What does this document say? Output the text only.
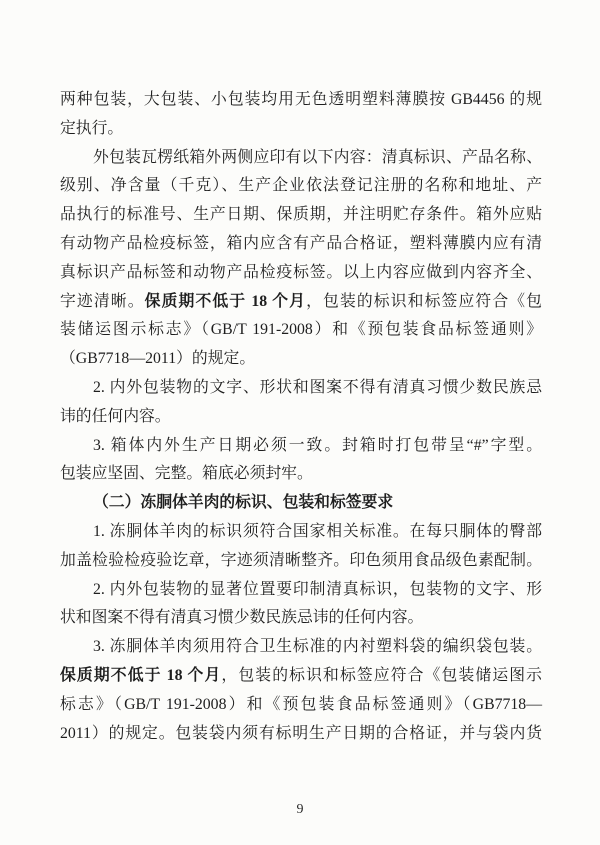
两种包装，大包装、小包装均用无色透明塑料薄膜按 GB4456 的规
定执行。
外包装瓦楞纸箱外两侧应印有以下内容：清真标识、产品名称、
级别、净含量（千克）、生产企业依法登记注册的名称和地址、产
品执行的标准号、生产日期、保质期，并注明贮存条件。箱外应贴
有动物产品检疫标签，箱内应含有产品合格证，塑料薄膜内应有清
真标识产品标签和动物产品检疫标签。以上内容应做到内容齐全、
字迹清晰。保质期不低于 18 个月，包装的标识和标签应符合《包
装储运图示标志》（GB/T 191-2008）和《预包装食品标签通则》
（GB7718—2011）的规定。
2. 内外包装物的文字、形状和图案不得有清真习惯少数民族忌
讳的任何内容。
3. 箱体内外生产日期必须一致。封箱时打包带呈“#”字型。
包装应坚固、完整。箱底必须封牢。
（二）冻胴体羊肉的标识、包装和标签要求
1. 冻胴体羊肉的标识须符合国家相关标准。在每只胴体的臀部
加盖检验检疫验讫章，字迹须清晰整齐。印色须用食品级色素配制。
2. 内外包装物的显著位置要印制清真标识，包装物的文字、形
状和图案不得有清真习惯少数民族忌讳的任何内容。
3. 冻胴体羊肉须用符合卫生标准的内衬塑料袋的编织袋包装。
保质期不低于 18 个月，包装的标识和标签应符合《包装储运图示
标志》（GB/T 191-2008）和《预包装食品标签通则》（GB7718—
2011）的规定。包装袋内须有标明生产日期的合格证，并与袋内货
9
